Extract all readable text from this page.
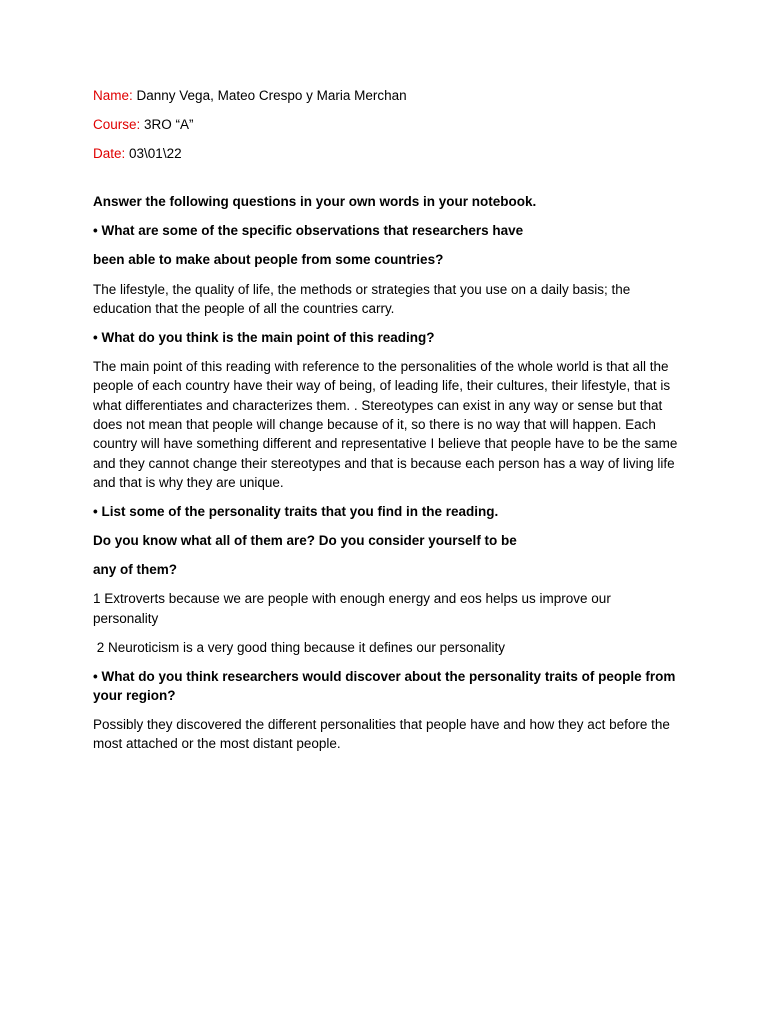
Name: Danny Vega, Mateo Crespo y Maria Merchan

Course: 3RO “A”

Date: 03\01\22

Answer the following questions in your own words in your notebook.

• What are some of the specific observations that researchers have

been able to make about people from some countries?

The lifestyle, the quality of life, the methods or strategies that you use on a daily basis; the education that the people of all the countries carry.

• What do you think is the main point of this reading?

The main point of this reading with reference to the personalities of the whole world is that all the people of each country have their way of being, of leading life, their cultures, their lifestyle, that is what differentiates and characterizes them. . Stereotypes can exist in any way or sense but that does not mean that people will change because of it, so there is no way that will happen. Each country will have something different and representative I believe that people have to be the same and they cannot change their stereotypes and that is because each person has a way of living life and that is why they are unique.

• List some of the personality traits that you find in the reading.

Do you know what all of them are? Do you consider yourself to be

any of them?

1 Extroverts because we are people with enough energy and eos helps us improve our personality

2 Neuroticism is a very good thing because it defines our personality

• What do you think researchers would discover about the personality traits of people from your region?

Possibly they discovered the different personalities that people have and how they act before the most attached or the most distant people.
